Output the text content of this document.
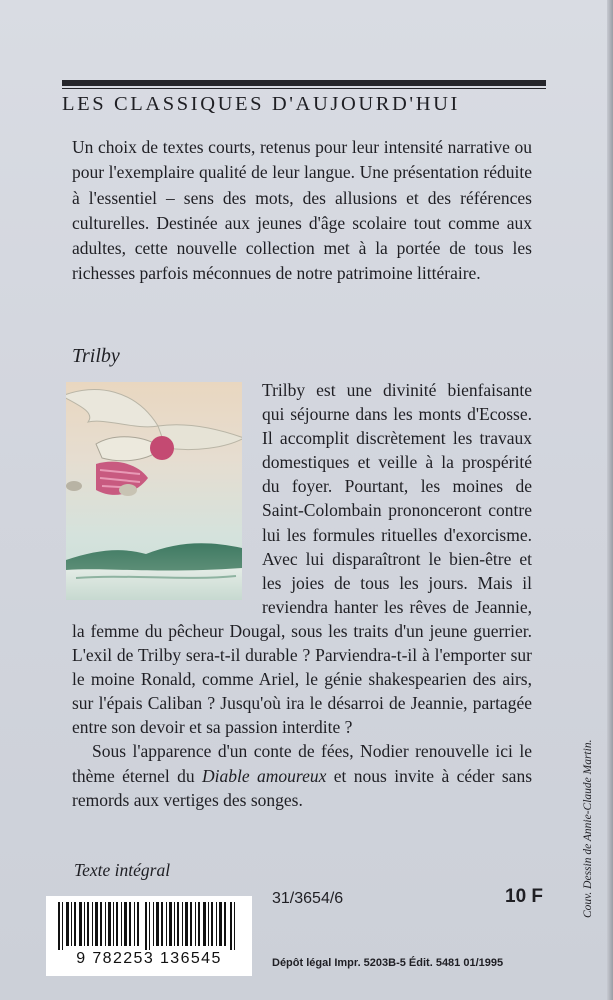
LES CLASSIQUES D'AUJOURD'HUI

Un choix de textes courts, retenus pour leur intensité narrative ou pour l'exemplaire qualité de leur langue. Une présentation réduite à l'essentiel – sens des mots, des allusions et des références culturelles. Destinée aux jeunes d'âge scolaire tout comme aux adultes, cette nouvelle collection met à la portée de tous les richesses parfois méconnues de notre patrimoine littéraire.

Trilby

Trilby est une divinité bienfaisante qui séjourne dans les monts d'Ecosse. Il accomplit discrètement les travaux domestiques et veille à la prospérité du foyer. Pourtant, les moines de Saint-Colombain prononceront contre lui les formules rituelles d'exorcisme. Avec lui disparaîtront le bien-être et les joies de tous les jours. Mais il reviendra hanter les rêves de Jeannie, la femme du pêcheur Dougal, sous les traits d'un jeune guerrier. L'exil de Trilby sera-t-il durable ? Parviendra-t-il à l'emporter sur le moine Ronald, comme Ariel, le génie shakespearien des airs, sur l'épais Caliban ? Jusqu'où ira le désarroi de Jeannie, partagée entre son devoir et sa passion interdite ?

Sous l'apparence d'un conte de fées, Nodier renouvelle ici le thème éternel du Diable amoureux et nous invite à céder sans remords aux vertiges des songes.

Texte intégral
9 782253 136545
31/3654/6	10 F
Dépôt légal Impr. 5203B-5 Édit. 5481 01/1995
Couv. Dessin de Annie-Claude Martin.
